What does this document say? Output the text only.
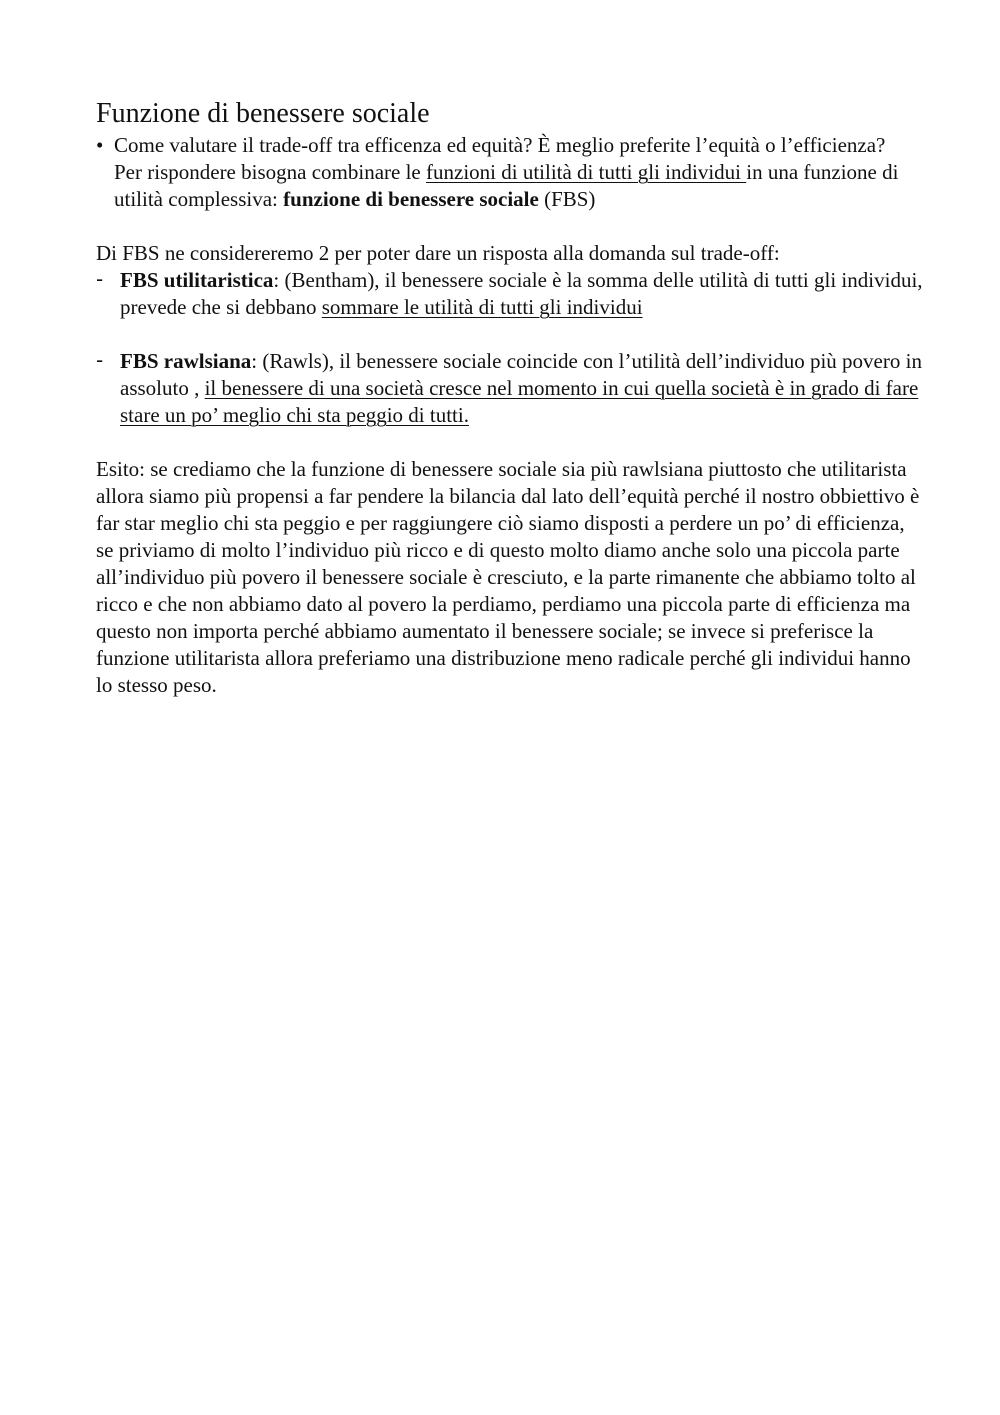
Funzione di benessere sociale
• Come valutare il trade-off tra efficenza ed equità? È meglio preferite l’equità o l’efficienza?
Per rispondere bisogna combinare le funzioni di utilità di tutti gli individui in una funzione di utilità complessiva: funzione di benessere sociale (FBS)

Di FBS ne considereremo 2 per poter dare un risposta alla domanda sul trade-off:

- FBS utilitaristica: (Bentham), il benessere sociale è la somma delle utilità di tutti gli individui, prevede che si debbano sommare le utilità di tutti gli individui
- FBS rawlsiana: (Rawls), il benessere sociale coincide con l’utilità dell’individuo più povero in assoluto , il benessere di una società cresce nel momento in cui quella società è in grado di fare stare un po’ meglio chi sta peggio di tutti.

Esito: se crediamo che la funzione di benessere sociale sia più rawlsiana piuttosto che utilitarista allora siamo più propensi a far pendere la bilancia dal lato dell’equità perché il nostro obbiettivo è far star meglio chi sta peggio e per raggiungere ciò siamo disposti a perdere un po’ di efficienza, se priviamo di molto l’individuo più ricco e di questo molto diamo anche solo una piccola parte all’individuo più povero il benessere sociale è cresciuto, e la parte rimanente che abbiamo tolto al ricco e che non abbiamo dato al povero la perdiamo, perdiamo una piccola parte di efficienza ma questo non importa perché abbiamo aumentato il benessere sociale; se invece si preferisce la funzione utilitarista allora preferiamo una distribuzione meno radicale perché gli individui hanno lo stesso peso.
